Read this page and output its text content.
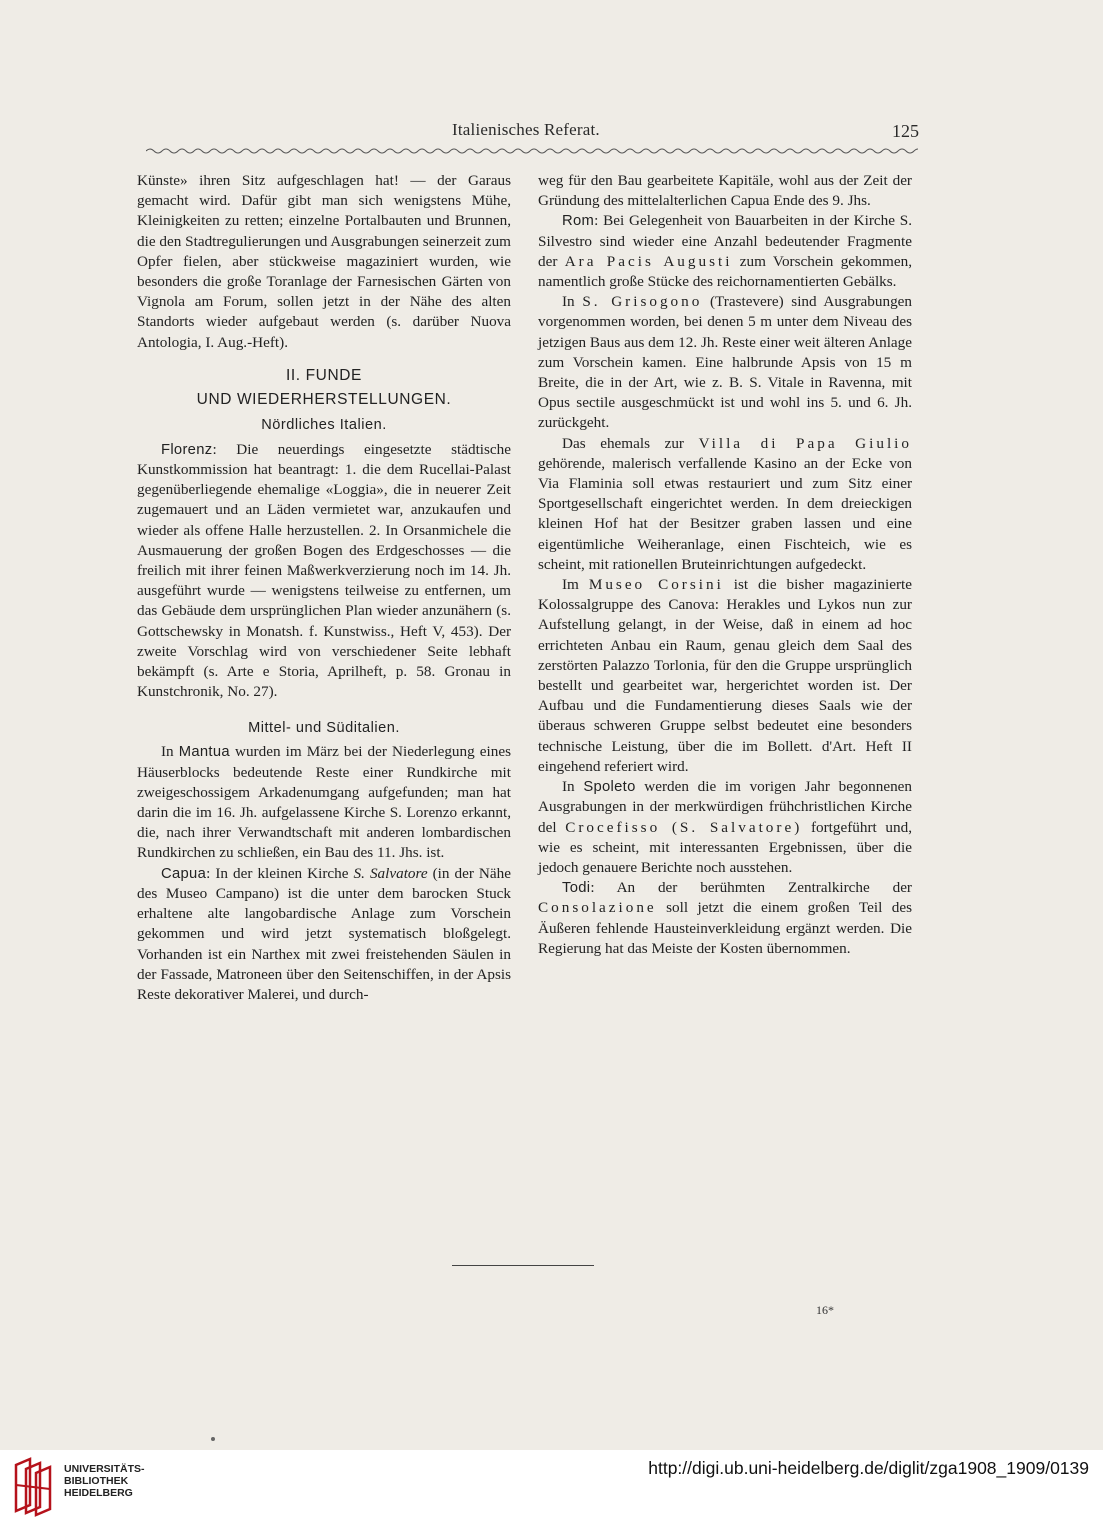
Italienisches Referat.	125

Künste» ihren Sitz aufgeschlagen hat! — der Garaus gemacht wird. Dafür gibt man sich wenigstens Mühe, Kleinigkeiten zu retten; einzelne Portalbauten und Brunnen, die den Stadtregulierungen und Ausgrabungen seinerzeit zum Opfer fielen, aber stückweise magaziniert wurden, wie besonders die große Toranlage der Farnesischen Gärten von Vignola am Forum, sollen jetzt in der Nähe des alten Standorts wieder aufgebaut werden (s. darüber Nuova Antologia, I. Aug.-Heft).

II. FUNDE
UND WIEDERHERSTELLUNGEN.
Nördliches Italien.

Florenz: Die neuerdings eingesetzte städtische Kunstkommission hat beantragt: 1. die dem Rucellai-Palast gegenüberliegende ehemalige «Loggia», die in neuerer Zeit zugemauert und an Läden vermietet war, anzukaufen und wieder als offene Halle herzustellen. 2. In Orsanmichele die Ausmauerung der großen Bogen des Erdgeschosses — die freilich mit ihrer feinen Maßwerkverzierung noch im 14. Jh. ausgeführt wurde — wenigstens teilweise zu entfernen, um das Gebäude dem ursprünglichen Plan wieder anzunähern (s. Gottschewsky in Monatsh. f. Kunstwiss., Heft V, 453). Der zweite Vorschlag wird von verschiedener Seite lebhaft bekämpft (s. Arte e Storia, Aprilheft, p. 58. Gronau in Kunstchronik, No. 27).

Mittel- und Süditalien.

In Mantua wurden im März bei der Niederlegung eines Häuserblocks bedeutende Reste einer Rundkirche mit zweigeschossigem Arkadenumgang aufgefunden; man hat darin die im 16. Jh. aufgelassene Kirche S. Lorenzo erkannt, die, nach ihrer Verwandtschaft mit anderen lombardischen Rundkirchen zu schließen, ein Bau des 11. Jhs. ist.

Capua: In der kleinen Kirche S. Salvatore (in der Nähe des Museo Campano) ist die unter dem barocken Stuck erhaltene alte langobardische Anlage zum Vorschein gekommen und wird jetzt systematisch bloßgelegt. Vorhanden ist ein Narthex mit zwei freistehenden Säulen in der Fassade, Matroneen über den Seitenschiffen, in der Apsis Reste dekorativer Malerei, und durch-

weg für den Bau gearbeitete Kapitäle, wohl aus der Zeit der Gründung des mittelalterlichen Capua Ende des 9. Jhs.

Rom: Bei Gelegenheit von Bauarbeiten in der Kirche S. Silvestro sind wieder eine Anzahl bedeutender Fragmente der Ara Pacis Augusti zum Vorschein gekommen, namentlich große Stücke des reichornamentierten Gebälks.

In S. Grisogono (Trastevere) sind Ausgrabungen vorgenommen worden, bei denen 5 m unter dem Niveau des jetzigen Baus aus dem 12. Jh. Reste einer weit älteren Anlage zum Vorschein kamen. Eine halbrunde Apsis von 15 m Breite, die in der Art, wie z. B. S. Vitale in Ravenna, mit Opus sectile ausgeschmückt ist und wohl ins 5. und 6. Jh. zurückgeht.

Das ehemals zur Villa di Papa Giulio gehörende, malerisch verfallende Kasino an der Ecke von Via Flaminia soll etwas restauriert und zum Sitz einer Sportgesellschaft eingerichtet werden. In dem dreieckigen kleinen Hof hat der Besitzer graben lassen und eine eigentümliche Weiheranlage, einen Fischteich, wie es scheint, mit rationellen Bruteinrichtungen aufgedeckt.

Im Museo Corsini ist die bisher magazinierte Kolossalgruppe des Canova: Herakles und Lykos nun zur Aufstellung gelangt, in der Weise, daß in einem ad hoc errichteten Anbau ein Raum, genau gleich dem Saal des zerstörten Palazzo Torlonia, für den die Gruppe ursprünglich bestellt und gearbeitet war, hergerichtet worden ist. Der Aufbau und die Fundamentierung dieses Saals wie der überaus schweren Gruppe selbst bedeutet eine besonders technische Leistung, über die im Bollett. d'Art. Heft II eingehend referiert wird.

In Spoleto werden die im vorigen Jahr begonnenen Ausgrabungen in der merkwürdigen frühchristlichen Kirche del Crocefisso (S. Salvatore) fortgeführt und, wie es scheint, mit interessanten Ergebnissen, über die jedoch genauere Berichte noch ausstehen.

Todi: An der berühmten Zentralkirche der Consolazione soll jetzt die einem großen Teil des Äußeren fehlende Hausteinverkleidung ergänzt werden. Die Regierung hat das Meiste der Kosten übernommen.

16*
UNIVERSITÄTS-
BIBLIOTHEK
HEIDELBERG
http://digi.ub.uni-heidelberg.de/diglit/zga1908_1909/0139
